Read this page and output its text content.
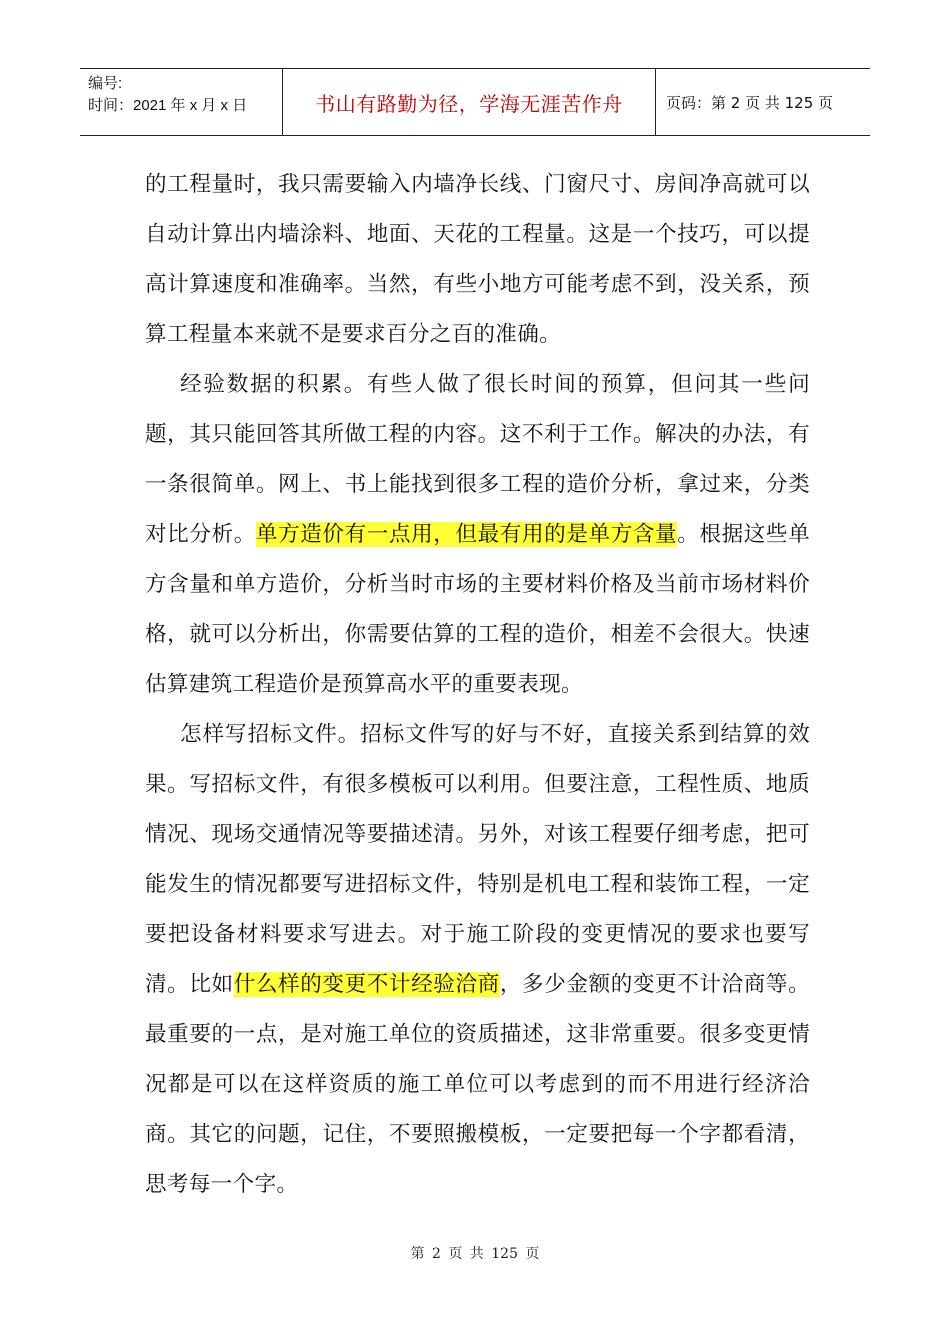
编号:
时间：2021 年 x 月 x 日	书山有路勤为径，学海无涯苦作舟	页码：第 2 页 共 125 页

的工程量时，我只需要输入内墙净长线、门窗尺寸、房间净高就可以自动计算出内墙涂料、地面、天花的工程量。这是一个技巧，可以提高计算速度和准确率。当然，有些小地方可能考虑不到，没关系，预算工程量本来就不是要求百分之百的准确。

经验数据的积累。有些人做了很长时间的预算，但问其一些问题，其只能回答其所做工程的内容。这不利于工作。解决的办法，有一条很简单。网上、书上能找到很多工程的造价分析，拿过来，分类对比分析。单方造价有一点用，但最有用的是单方含量。根据这些单方含量和单方造价，分析当时市场的主要材料价格及当前市场材料价格，就可以分析出，你需要估算的工程的造价，相差不会很大。快速估算建筑工程造价是预算高水平的重要表现。

怎样写招标文件。招标文件写的好与不好，直接关系到结算的效果。写招标文件，有很多模板可以利用。但要注意，工程性质、地质情况、现场交通情况等要描述清。另外，对该工程要仔细考虑，把可能发生的情况都要写进招标文件，特别是机电工程和装饰工程，一定要把设备材料要求写进去。对于施工阶段的变更情况的要求也要写清。比如什么样的变更不计经验洽商，多少金额的变更不计洽商等。最重要的一点，是对施工单位的资质描述，这非常重要。很多变更情况都是可以在这样资质的施工单位可以考虑到的而不用进行经济洽商。其它的问题，记住，不要照搬模板，一定要把每一个字都看清，思考每一个字。

第 2 页 共 125 页
